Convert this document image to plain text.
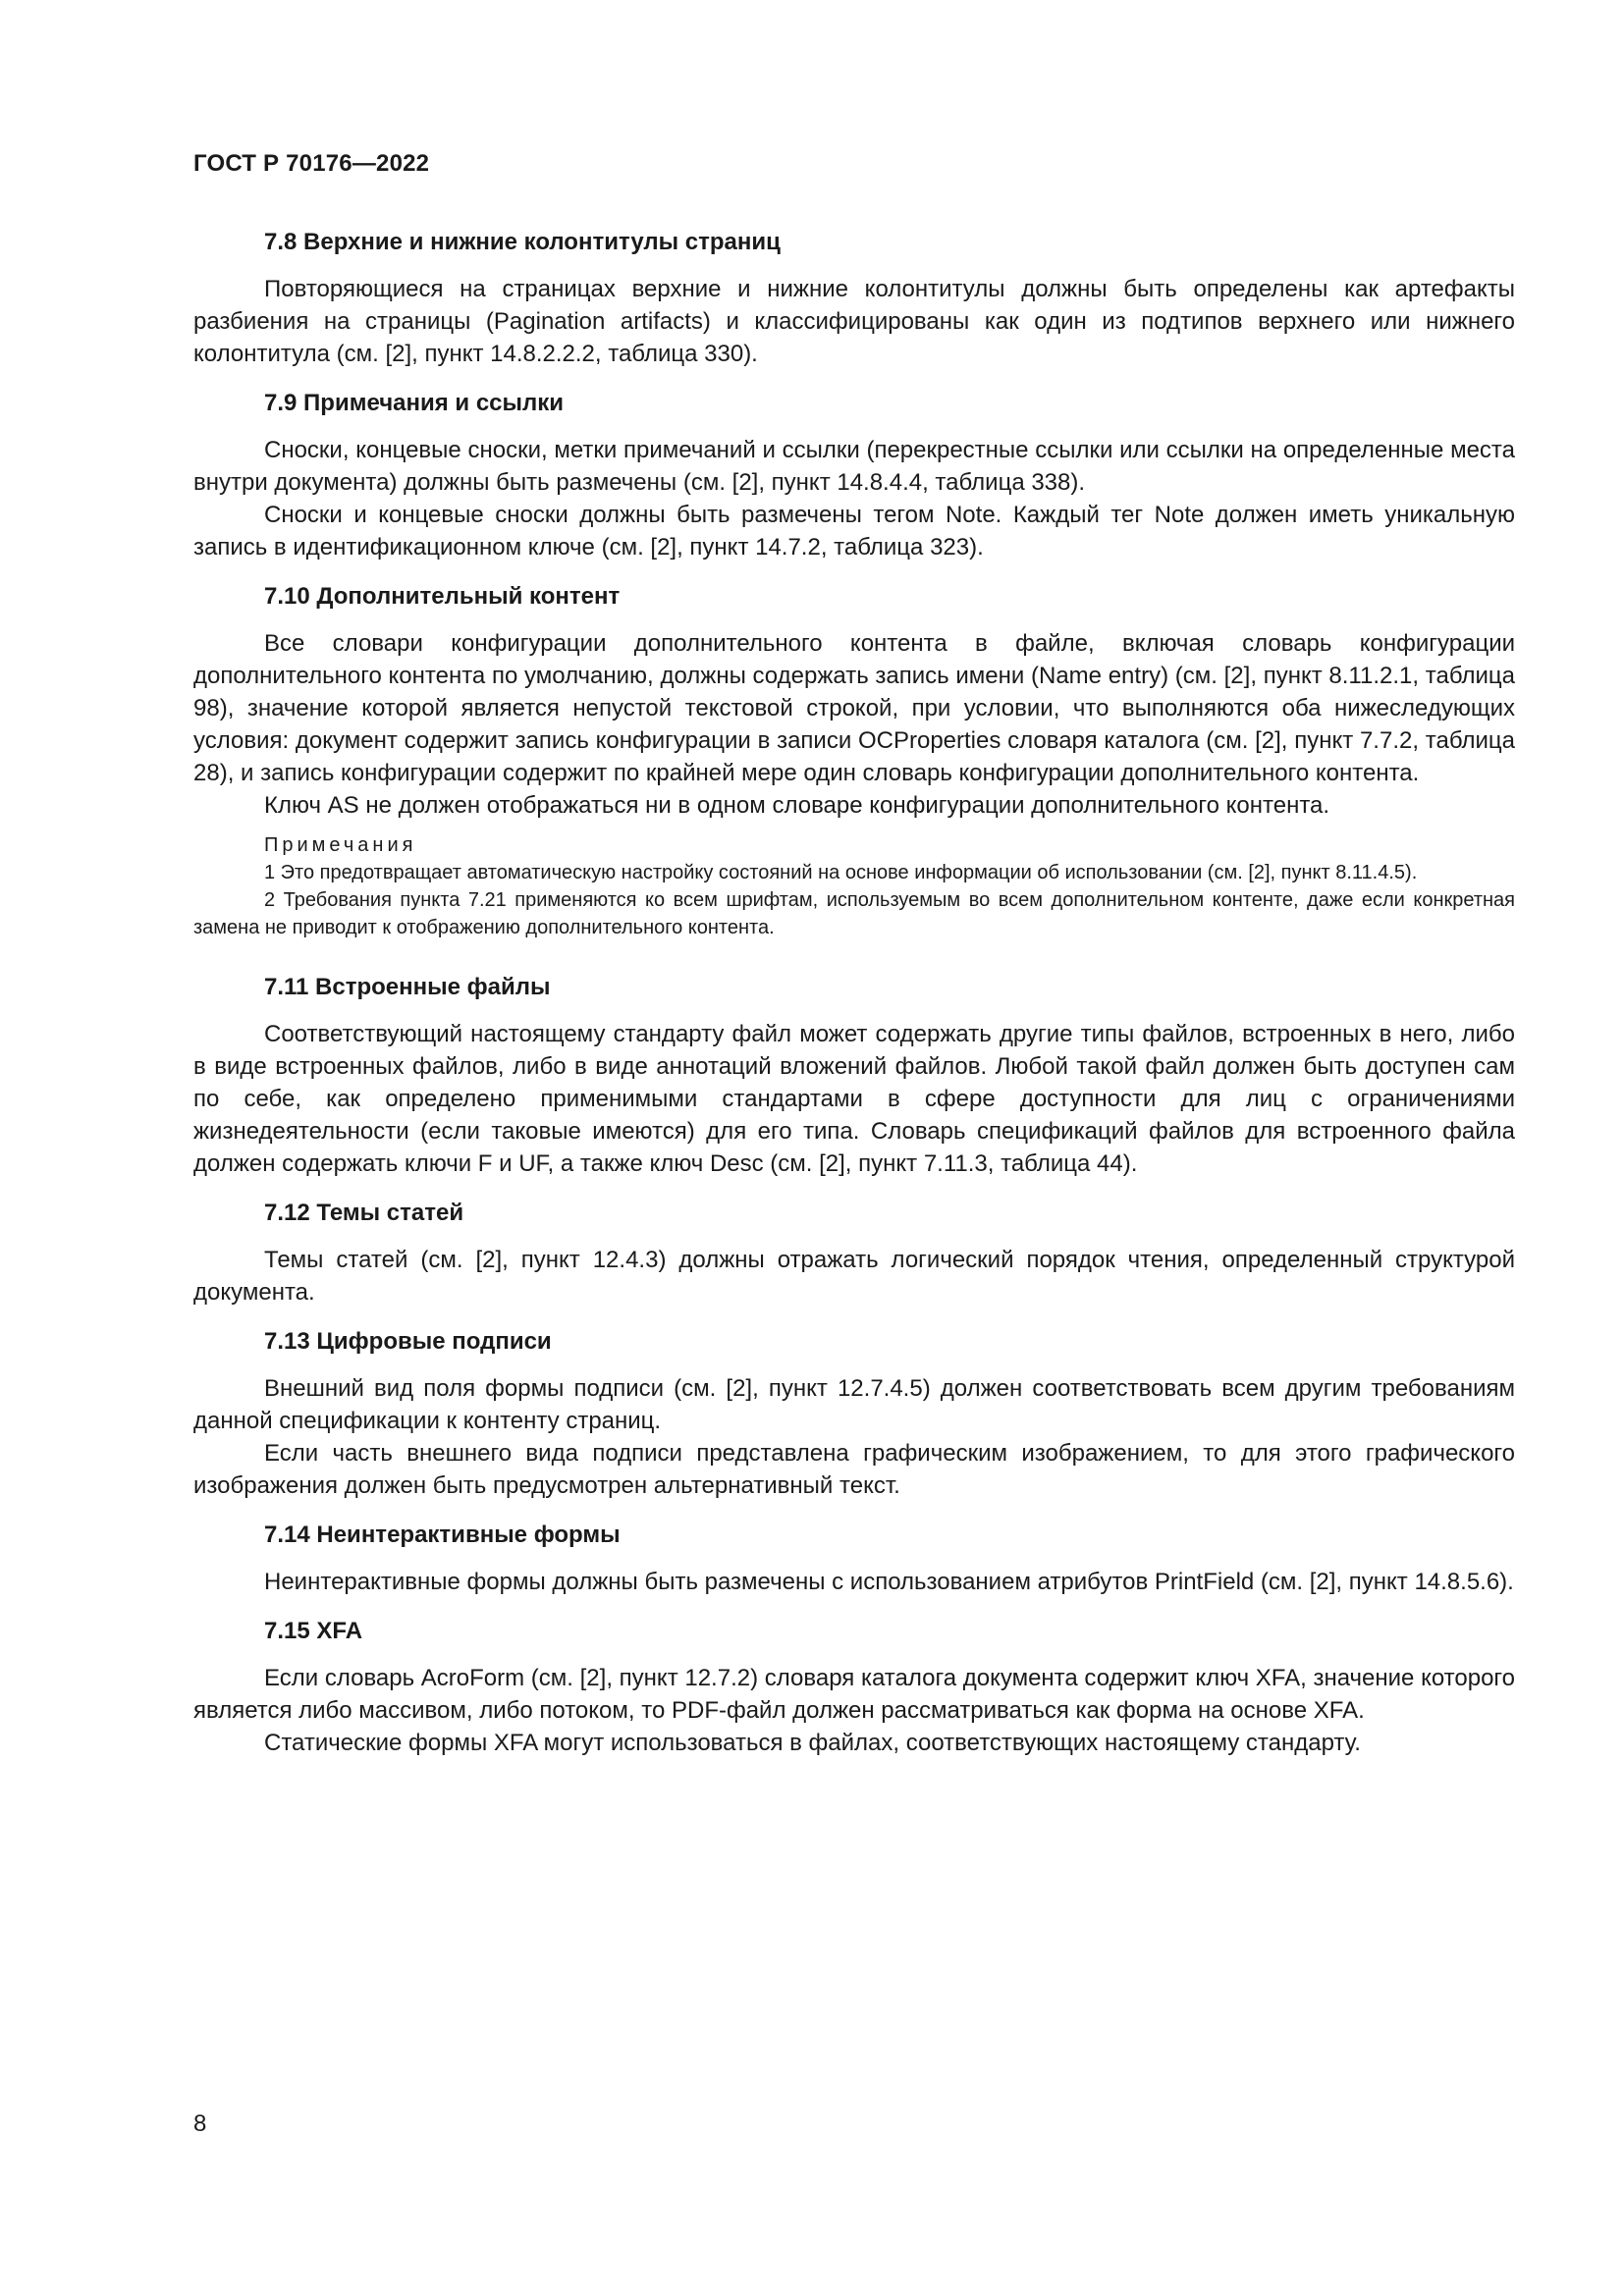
ГОСТ Р 70176—2022
7.8 Верхние и нижние колонтитулы страниц

Повторяющиеся на страницах верхние и нижние колонтитулы должны быть определены как артефакты разбиения на страницы (Pagination artifacts) и классифицированы как один из подтипов верхнего или нижнего колонтитула (см. [2], пункт 14.8.2.2.2, таблица 330).

7.9 Примечания и ссылки

Сноски, концевые сноски, метки примечаний и ссылки (перекрестные ссылки или ссылки на определенные места внутри документа) должны быть размечены (см. [2], пункт 14.8.4.4, таблица 338).

Сноски и концевые сноски должны быть размечены тегом Note. Каждый тег Note должен иметь уникальную запись в идентификационном ключе (см. [2], пункт 14.7.2, таблица 323).

7.10 Дополнительный контент

Все словари конфигурации дополнительного контента в файле, включая словарь конфигурации дополнительного контента по умолчанию, должны содержать запись имени (Name entry) (см. [2], пункт 8.11.2.1, таблица 98), значение которой является непустой текстовой строкой, при условии, что выполняются оба нижеследующих условия: документ содержит запись конфигурации в записи OCProperties словаря каталога (см. [2], пункт 7.7.2, таблица 28), и запись конфигурации содержит по крайней мере один словарь конфигурации дополнительного контента.

Ключ AS не должен отображаться ни в одном словаре конфигурации дополнительного контента.

Примечания

1 Это предотвращает автоматическую настройку состояний на основе информации об использовании (см. [2], пункт 8.11.4.5).

2 Требования пункта 7.21 применяются ко всем шрифтам, используемым во всем дополнительном контенте, даже если конкретная замена не приводит к отображению дополнительного контента.

7.11 Встроенные файлы

Соответствующий настоящему стандарту файл может содержать другие типы файлов, встроенных в него, либо в виде встроенных файлов, либо в виде аннотаций вложений файлов. Любой такой файл должен быть доступен сам по себе, как определено применимыми стандартами в сфере доступности для лиц с ограничениями жизнедеятельности (если таковые имеются) для его типа. Словарь спецификаций файлов для встроенного файла должен содержать ключи F и UF, а также ключ Desc (см. [2], пункт 7.11.3, таблица 44).

7.12 Темы статей

Темы статей (см. [2], пункт 12.4.3) должны отражать логический порядок чтения, определенный структурой документа.

7.13 Цифровые подписи

Внешний вид поля формы подписи (см. [2], пункт 12.7.4.5) должен соответствовать всем другим требованиям данной спецификации к контенту страниц.

Если часть внешнего вида подписи представлена графическим изображением, то для этого графического изображения должен быть предусмотрен альтернативный текст.

7.14 Неинтерактивные формы

Неинтерактивные формы должны быть размечены с использованием атрибутов PrintField (см. [2], пункт 14.8.5.6).

7.15 XFA

Если словарь AcroForm (см. [2], пункт 12.7.2) словаря каталога документа содержит ключ XFA, значение которого является либо массивом, либо потоком, то PDF-файл должен рассматриваться как форма на основе XFA.

Статические формы XFA могут использоваться в файлах, соответствующих настоящему стандарту.

8
